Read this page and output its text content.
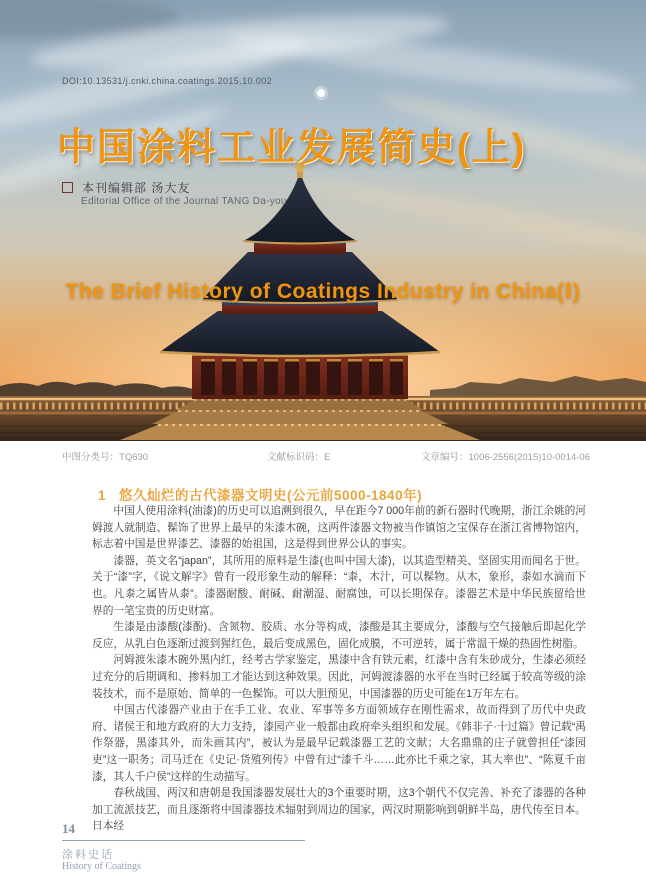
DOI:10.13531/j.cnki.china.coatings.2015.10.002
中国涂料工业发展简史(上)
本刊编辑部 汤大友
Editorial Office of the Journal TANG Da-you
The Brief History of Coatings Industry in China(Ⅰ)
中图分类号：TQ630	文献标识码：E	文章编号：1006-2556(2015)10-0014-06
1 悠久灿烂的古代漆器文明史(公元前5000-1840年)

中国人使用涂料(油漆)的历史可以追溯到很久，早在距今7 000年前的新石器时代晚期，浙江余姚的河姆渡人就制造、髹饰了世界上最早的朱漆木碗，这两件漆器文物被当作镇馆之宝保存在浙江省博物馆内，标志着中国是世界漆艺、漆器的始祖国，这是得到世界公认的事实。

漆器，英文名“japan”，其所用的原料是生漆(也叫中国大漆)，以其造型精美、坚固实用而闻名于世。关于“漆”字，《说文解字》曾有一段形象生动的解释：“桼，木汁，可以髹物。从木，象形，桼如水滴而下也。凡桼之属皆从桼”。漆器耐酸、耐碱、耐潮湿、耐腐蚀，可以长期保存。漆器艺术是中华民族留给世界的一笔宝贵的历史财富。

生漆是由漆酸(漆酚)、含氮物、胶质、水分等构成，漆酸是其主要成分，漆酸与空气接触后即起化学反应，从乳白色逐渐过渡到猩红色，最后变成黑色，固化成膜，不可逆转，属于常温干燥的热固性树脂。

河姆渡朱漆木碗外黑内红，经考古学家鉴定，黑漆中含有铁元素，红漆中含有朱砂成分，生漆必须经过充分的后期调和、掺料加工才能达到这种效果。因此，河姆渡漆器的水平在当时已经属于较高等级的涂装技术，而不是原始、简单的一色髹饰。可以大胆预见，中国漆器的历史可能在1万年左右。

中国古代漆器产业由于在手工业、农业、军事等多方面领域存在刚性需求，故而得到了历代中央政府、诸侯王和地方政府的大力支持，漆园产业一般都由政府牵头组织和发展。《韩非子·十过篇》曾记载“禹作祭器，黑漆其外，而朱画其内”，被认为是最早记载漆器工艺的文献；大名鼎鼎的庄子就曾担任“漆园吏”这一职务；司马迁在《史记·货殖列传》中曾有过“漆千斗……此亦比千乘之家，其大率也”、“陈夏千亩漆，其人千户侯”这样的生动描写。

春秋战国、两汉和唐朝是我国漆器发展壮大的3个重要时期，这3个朝代不仅完善、补充了漆器的各种加工流派技艺，而且逐渐将中国漆器技术辐射到周边的国家，两汉时期影响到朝鲜半岛，唐代传至日本。日本经

14
涂料史话
History of Coatings
